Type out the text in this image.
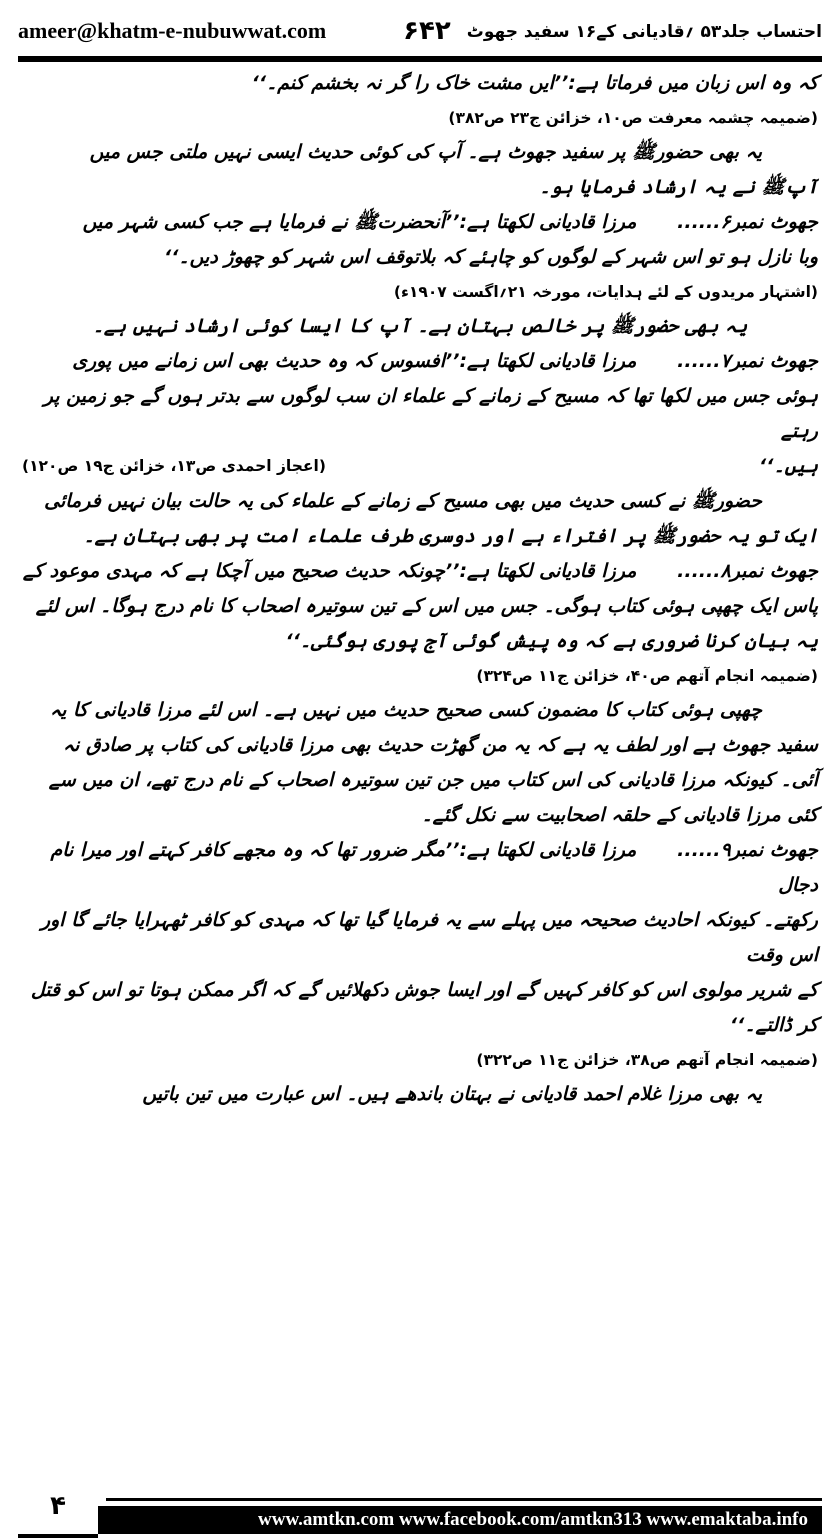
ameer@khatm-e-nubuwwat.com	احتساب جلد۵۳ ؍قادیانی کے۱۶ سفید جھوٹ
۶۴۲

کہ وہ اس زبان میں فرماتا ہے:’’ایں مشت خاک را گر نہ بخشم کنم۔‘‘

(ضمیمہ چشمہ معرفت ص۱۰، خزائن ج۲۳ ص۳۸۲)

یہ بھی حضورﷺ پر سفید جھوٹ ہے۔ آپ کی کوئی حدیث ایسی نہیں ملتی جس میں

آپﷺ نے یہ ارشاد فرمایا ہو۔

جھوٹ نمبر۶...... مرزا قادیانی لکھتا ہے:’’آنحضرتﷺ نے فرمایا ہے جب کسی شہر میں

وبا نازل ہو تو اس شہر کے لوگوں کو چاہئے کہ بلاتوقف اس شہر کو چھوڑ دیں۔‘‘

(اشتہار مریدوں کے لئے ہدایات، مورخہ ۲۱؍اگست ۱۹۰۷ء)

یہ بھی حضورﷺ پر خالص بہتان ہے۔ آپ کا ایسا کوئی ارشاد نہیں ہے۔

جھوٹ نمبر۷...... مرزا قادیانی لکھتا ہے:’’افسوس کہ وہ حدیث بھی اس زمانے میں پوری

ہوئی جس میں لکھا تھا کہ مسیح کے زمانے کے علماء ان سب لوگوں سے بدتر ہوں گے جو زمین پر رہتے

ہیں۔‘‘
(اعجاز احمدی ص۱۳، خزائن ج۱۹ ص۱۲۰)

حضورﷺ نے کسی حدیث میں بھی مسیح کے زمانے کے علماء کی یہ حالت بیان نہیں فرمائی

ایک تو یہ حضورﷺ پر افتراء ہے اور دوسری طرف علماء امت پر بھی بہتان ہے۔

جھوٹ نمبر۸...... مرزا قادیانی لکھتا ہے:’’چونکہ حدیث صحیح میں آچکا ہے کہ مہدی موعود کے

پاس ایک چھپی ہوئی کتاب ہوگی۔ جس میں اس کے تین سوتیرہ اصحاب کا نام درج ہوگا۔ اس لئے

یہ بیان کرنا ضروری ہے کہ وہ پیش گوئی آج پوری ہوگئی۔‘‘

(ضمیمہ انجام آتھم ص۴۰، خزائن ج۱۱ ص۳۲۴)

چھپی ہوئی کتاب کا مضمون کسی صحیح حدیث میں نہیں ہے۔ اس لئے مرزا قادیانی کا یہ

سفید جھوٹ ہے اور لطف یہ ہے کہ یہ من گھڑت حدیث بھی مرزا قادیانی کی کتاب پر صادق نہ

آئی۔ کیونکہ مرزا قادیانی کی اس کتاب میں جن تین سوتیرہ اصحاب کے نام درج تھے، ان میں سے

کئی مرزا قادیانی کے حلقہ اصحابیت سے نکل گئے۔

جھوٹ نمبر۹...... مرزا قادیانی لکھتا ہے:’’مگر ضرور تھا کہ وہ مجھے کافر کہتے اور میرا نام دجال

رکھتے۔ کیونکہ احادیث صحیحہ میں پہلے سے یہ فرمایا گیا تھا کہ مہدی کو کافر ٹھہرایا جائے گا اور اس وقت

کے شریر مولوی اس کو کافر کہیں گے اور ایسا جوش دکھلائیں گے کہ اگر ممکن ہوتا تو اس کو قتل کر ڈالتے۔‘‘

(ضمیمہ انجام آتھم ص۳۸، خزائن ج۱۱ ص۳۲۲)

یہ بھی مرزا غلام احمد قادیانی نے بہتان باندھے ہیں۔ اس عبارت میں تین باتیں

www.amtkn.com www.facebook.com/amtkn313 www.emaktaba.info
۴
